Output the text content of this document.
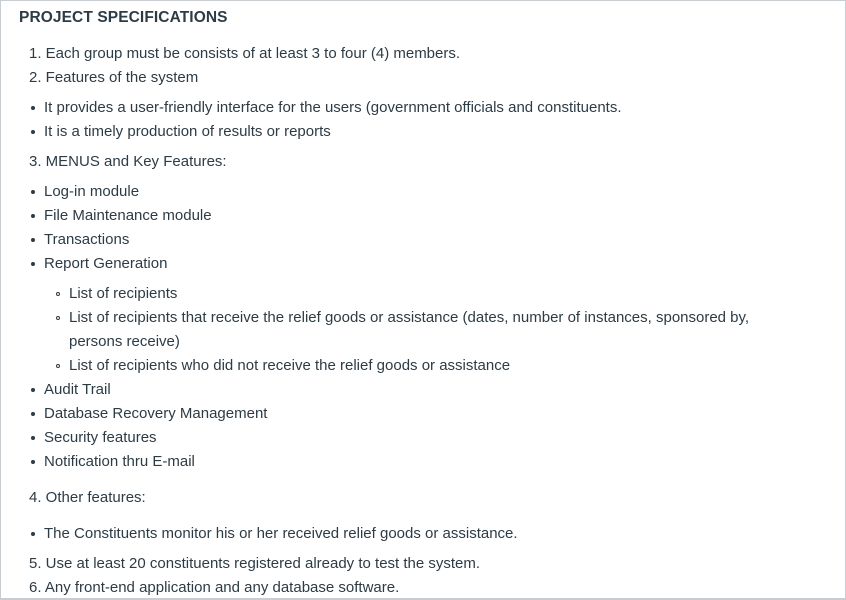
PROJECT SPECIFICATIONS
1. Each group must be consists of at least 3 to four (4) members.
2. Features of the system
It provides a user-friendly interface for the users (government officials and constituents.
It is a timely production of results or reports
3. MENUS and Key Features:
Log-in module
File Maintenance module
Transactions
Report Generation
List of recipients
List of recipients that receive the relief goods or assistance (dates, number of instances, sponsored by,
persons receive)
List of recipients who did not receive the relief goods or assistance
Audit Trail
Database Recovery Management
Security features
Notification thru E-mail
4. Other features:
The Constituents monitor his or her received relief goods or assistance.
5. Use at least 20 constituents registered already to test the system.
6. Any front-end application and any database software.
